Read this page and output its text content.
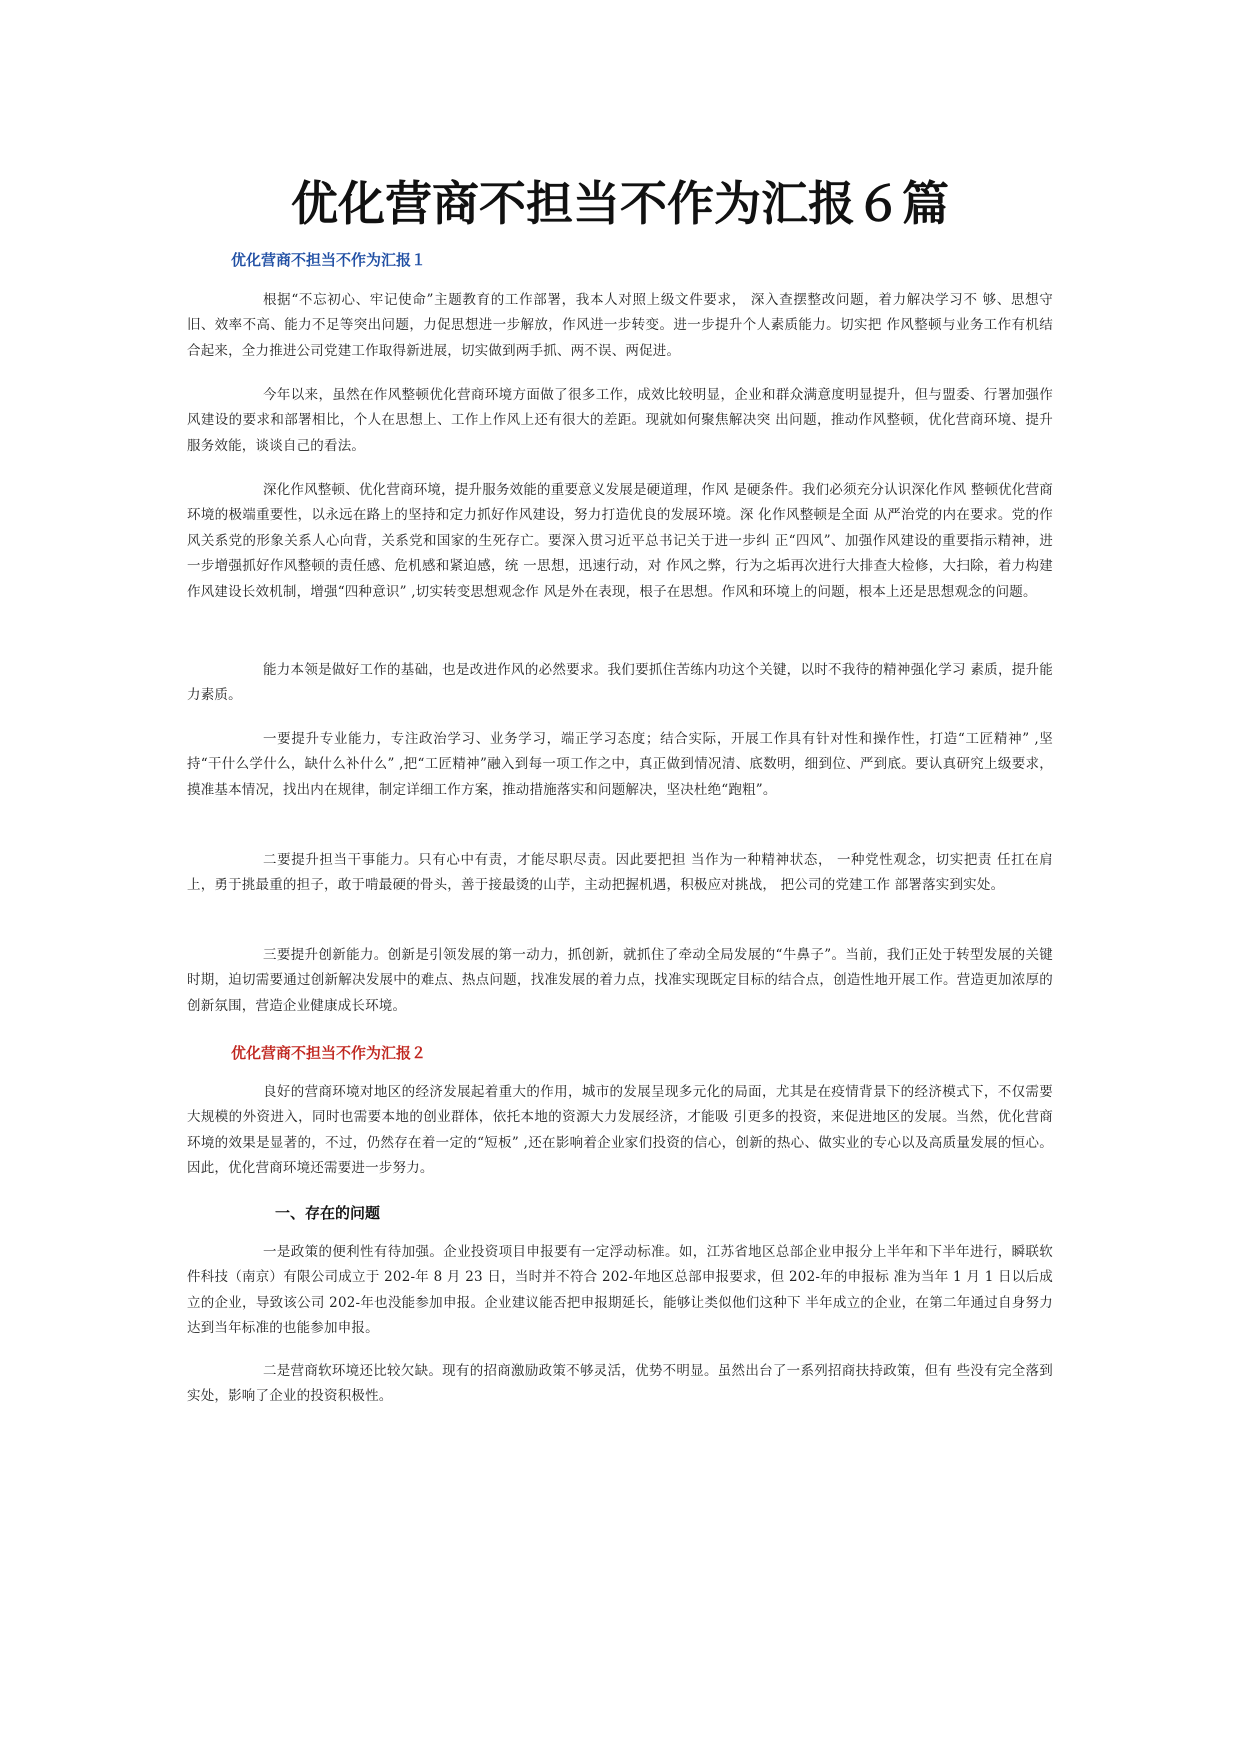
优化营商不担当不作为汇报６篇
优化营商不担当不作为汇报１

根据“不忘初心、牢记使命”主题教育的工作部署，我本人对照上级文件要求， 深入查摆整改问题，着力解决学习不 够、思想守旧、效率不高、能力不足等突出问题，力促思想进一步解放，作风进一步转变。进一步提升个人素质能力。切实把 作风整顿与业务工作有机结合起来，全力推进公司党建工作取得新进展，切实做到两手抓、两不误、两促进。

今年以来，虽然在作风整顿优化营商环境方面做了很多工作，成效比较明显，企业和群众满意度明显提升，但与盟委、行署加强作风建设的要求和部署相比，个人在思想上、工作上作风上还有很大的差距。现就如何聚焦解决突 出问题，推动作风整顿，优化营商环境、提升服务效能，谈谈自己的看法。

深化作风整顿、优化营商环境，提升服务效能的重要意义发展是硬道理，作风 是硬条件。我们必须充分认识深化作风 整顿优化营商环境的极端重要性，以永远在路上的坚持和定力抓好作风建设，努力打造优良的发展环境。深 化作风整顿是全面 从严治党的内在要求。党的作风关系党的形象关系人心向背，关系党和国家的生死存亡。要深入贯习近平总书记关于进一步纠 正“四风”、加强作风建设的重要指示精神，进一步增强抓好作风整顿的责任感、危机感和紧迫感，统 一思想，迅速行动，对 作风之弊，行为之垢再次进行大排查大检修，大扫除，着力构建作风建设长效机制，增强“四种意识” ,切实转变思想观念作 风是外在表现，根子在思想。作风和环境上的问题，根本上还是思想观念的问题。

能力本领是做好工作的基础，也是改进作风的必然要求。我们要抓住苦练内功这个关键，以时不我待的精神强化学习 素质，提升能力素质。

一要提升专业能力，专注政治学习、业务学习，端正学习态度；结合实际，开展工作具有针对性和操作性，打造“工匠精神” ,坚持“干什么学什么，缺什么补什么” ,把“工匠精神”融入到每一项工作之中，真正做到情况清、底数明，细到位、严到底。要认真研究上级要求，摸准基本情况，找出内在规律，制定详细工作方案，推动措施落实和问题解决，坚决杜绝“跑粗”。

二要提升担当干事能力。只有心中有责，才能尽职尽责。因此要把担 当作为一种精神状态， 一种党性观念，切实把责 任扛在肩上，勇于挑最重的担子，敢于啃最硬的骨头，善于接最烫的山芋，主动把握机遇，积极应对挑战， 把公司的党建工作 部署落实到实处。

三要提升创新能力。创新是引领发展的第一动力，抓创新，就抓住了牵动全局发展的“牛鼻子”。当前，我们正处于转型发展的关键时期，迫切需要通过创新解决发展中的难点、热点问题，找准发展的着力点，找准实现既定目标的结合点，创造性地开展工作。营造更加浓厚的创新氛围，营造企业健康成长环境。

优化营商不担当不作为汇报２

良好的营商环境对地区的经济发展起着重大的作用，城市的发展呈现多元化的局面，尤其是在疫情背景下的经济模式下，不仅需要大规模的外资进入，同时也需要本地的创业群体，依托本地的资源大力发展经济，才能吸 引更多的投资，来促进地区的发展。当然，优化营商环境的效果是显著的，不过，仍然存在着一定的“短板” ,还在影响着企业家们投资的信心，创新的热心、做实业的专心以及高质量发展的恒心。因此，优化营商环境还需要进一步努力。

一、存在的问题

一是政策的便利性有待加强。企业投资项目申报要有一定浮动标准。如，江苏省地区总部企业申报分上半年和下半年进行，瞬联软件科技（南京）有限公司成立于 202-年 8 月 23 日，当时并不符合 202-年地区总部申报要求，但 202-年的申报标 准为当年 1 月 1 日以后成立的企业，导致该公司 202-年也没能参加申报。企业建议能否把申报期延长，能够让类似他们这种下 半年成立的企业，在第二年通过自身努力达到当年标准的也能参加申报。

二是营商软环境还比较欠缺。现有的招商激励政策不够灵活，优势不明显。虽然出台了一系列招商扶持政策，但有 些没有完全落到实处，影响了企业的投资积极性。
